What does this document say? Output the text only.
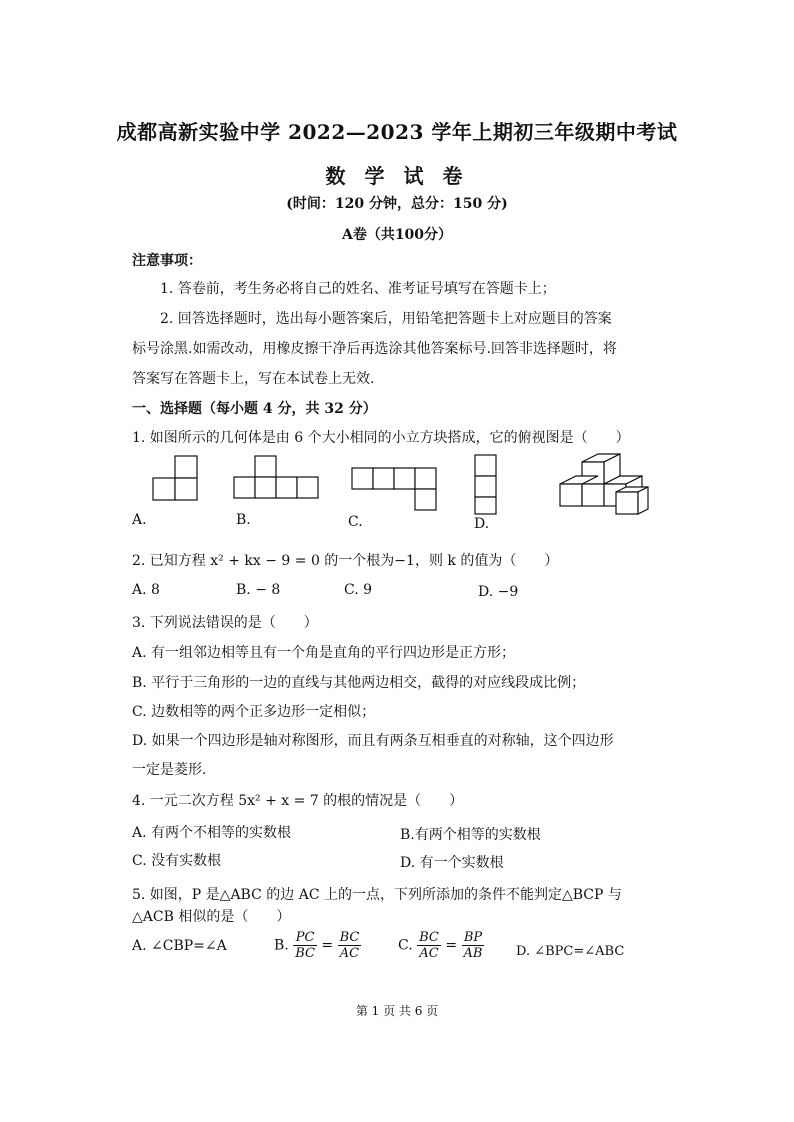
成都高新实验中学 2022—2023 学年上期初三年级期中考试
数 学 试 卷
(时间：120 分钟，总分：150 分)
A卷（共100分）
注意事项：
1. 答卷前，考生务必将自己的姓名、准考证号填写在答题卡上；
2. 回答选择题时，选出每小题答案后，用铅笔把答题卡上对应题目的答案
标号涂黑.如需改动，用橡皮擦干净后再选涂其他答案标号.回答非选择题时，将
答案写在答题卡上，写在本试卷上无效.
一、选择题（每小题 4 分，共 32 分）
1. 如图所示的几何体是由 6 个大小相同的小立方块搭成，它的俯视图是（　　）
A.	B.	C.	D.
2. 已知方程 x² + kx − 9 = 0 的一个根为−1，则 k 的值为（　　）
A. 8	B. − 8	C. 9	D. −9
3. 下列说法错误的是（　　）
A. 有一组邻边相等且有一个角是直角的平行四边形是正方形；
B. 平行于三角形的一边的直线与其他两边相交，截得的对应线段成比例；
C. 边数相等的两个正多边形一定相似；
D. 如果一个四边形是轴对称图形，而且有两条互相垂直的对称轴，这个四边形
一定是菱形.
4. 一元二次方程 5x² + x = 7 的根的情况是（　　）
A. 有两个不相等的实数根	B.有两个相等的实数根
C. 没有实数根	D. 有一个实数根
5. 如图，P 是△ABC 的边 AC 上的一点，下列所添加的条件不能判定△BCP 与
△ACB 相似的是（　　）
A. ∠CBP=∠A	B. $\frac{PC}{BC} = \frac{BC}{AC}$	C. $\frac{BC}{AC} = \frac{BP}{AB} D$. ∠BPC=∠ABC
第 1 页 共 6 页
